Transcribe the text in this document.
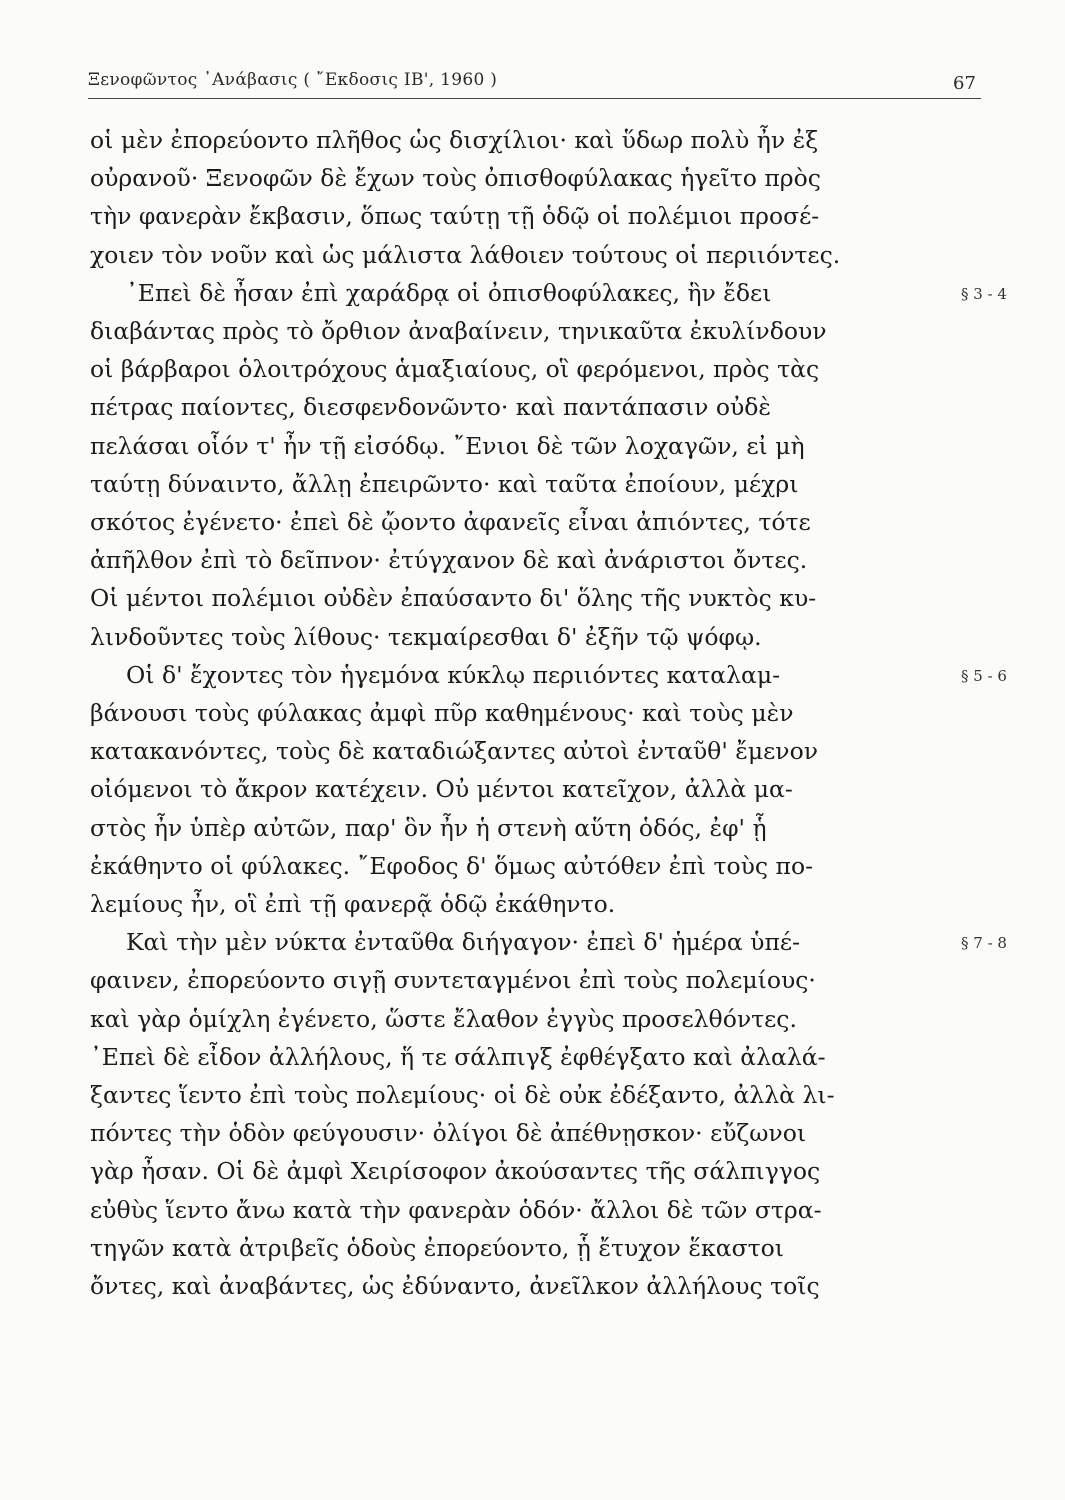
Ξενοφῶντος ᾿Ανάβασις ( ῎Εκδοσις ΙΒ', 1960 )	67
οἱ μὲν ἐπορεύοντο πλῆθος ὡς δισχίλιοι· καὶ ὕδωρ πολὺ ἦν ἐξ
οὐρανοῦ· Ξενοφῶν δὲ ἔχων τοὺς ὀπισθοφύλακας ἡγεῖτο πρὸς
τὴν φανερὰν ἔκβασιν, ὅπως ταύτῃ τῇ ὁδῷ οἱ πολέμιοι προσέ-
χοιεν τὸν νοῦν καὶ ὡς μάλιστα λάθοιεν τούτους οἱ περιιόντες.
᾿Επεὶ δὲ ἦσαν ἐπὶ χαράδρᾳ οἱ ὀπισθοφύλακες, ἣν ἔδει
διαβάντας πρὸς τὸ ὄρθιον ἀναβαίνειν, τηνικαῦτα ἐκυλίνδουν
οἱ βάρβαροι ὁλοιτρόχους ἁμαξιαίους, οἳ φερόμενοι, πρὸς τὰς
πέτρας παίοντες, διεσφενδονῶντο· καὶ παντάπασιν οὐδὲ
πελάσαι οἷόν τ' ἦν τῇ εἰσόδῳ. ῎Ενιοι δὲ τῶν λοχαγῶν, εἰ μὴ
ταύτῃ δύναιντο, ἄλλῃ ἐπειρῶντο· καὶ ταῦτα ἐποίουν, μέχρι
σκότος ἐγένετο· ἐπεὶ δὲ ᾤοντο ἀφανεῖς εἶναι ἀπιόντες, τότε
ἀπῆλθον ἐπὶ τὸ δεῖπνον· ἐτύγχανον δὲ καὶ ἀνάριστοι ὄντες.
Οἱ μέντοι πολέμιοι οὐδὲν ἐπαύσαντο δι' ὅλης τῆς νυκτὸς κυ-
λινδοῦντες τοὺς λίθους· τεκμαίρεσθαι δ' ἐξῆν τῷ ψόφῳ.
Οἱ δ' ἔχοντες τὸν ἡγεμόνα κύκλῳ περιιόντες καταλαμ-
βάνουσι τοὺς φύλακας ἀμφὶ πῦρ καθημένους· καὶ τοὺς μὲν
κατακανόντες, τοὺς δὲ καταδιώξαντες αὐτοὶ ἐνταῦθ' ἔμενον
οἰόμενοι τὸ ἄκρον κατέχειν. Οὐ μέντοι κατεῖχον, ἀλλὰ μα-
στὸς ἦν ὑπὲρ αὐτῶν, παρ' ὃν ἦν ἡ στενὴ αὕτη ὁδός, ἐφ' ᾗ
ἐκάθηντο οἱ φύλακες. ῎Εφοδος δ' ὅμως αὐτόθεν ἐπὶ τοὺς πο-
λεμίους ἦν, οἳ ἐπὶ τῇ φανερᾷ ὁδῷ ἐκάθηντο.
Καὶ τὴν μὲν νύκτα ἐνταῦθα διήγαγον· ἐπεὶ δ' ἡμέρα ὑπέ-
φαινεν, ἐπορεύοντο σιγῇ συντεταγμένοι ἐπὶ τοὺς πολεμίους·
καὶ γὰρ ὁμίχλη ἐγένετο, ὥστε ἔλαθον ἐγγὺς προσελθόντες.
᾿Επεὶ δὲ εἶδον ἀλλήλους, ἥ τε σάλπιγξ ἐφθέγξατο καὶ ἀλαλά-
ξαντες ἵεντο ἐπὶ τοὺς πολεμίους· οἱ δὲ οὐκ ἐδέξαντο, ἀλλὰ λι-
πόντες τὴν ὁδὸν φεύγουσιν· ὀλίγοι δὲ ἀπέθνῃσκον· εὔζωνοι
γὰρ ἦσαν. Οἱ δὲ ἀμφὶ Χειρίσοφον ἀκούσαντες τῆς σάλπιγγος
εὐθὺς ἵεντο ἄνω κατὰ τὴν φανερὰν ὁδόν· ἄλλοι δὲ τῶν στρα-
τηγῶν κατὰ ἀτριβεῖς ὁδοὺς ἐπορεύοντο, ᾗ ἔτυχον ἕκαστοι
ὄντες, καὶ ἀναβάντες, ὡς ἐδύναντο, ἀνεῖλκον ἀλλήλους τοῖς
§ 3 - 4
§ 5 - 6
§ 7 - 8
